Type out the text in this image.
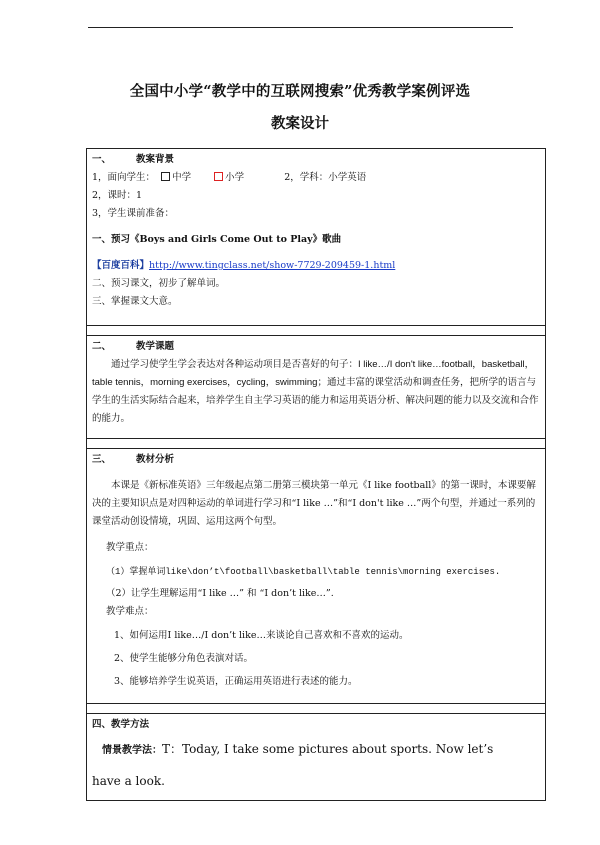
全国中小学“教学中的互联网搜索”优秀教学案例评选
教案设计
一、	教案背景
1，面向学生： 中学	小学	2，学科：小学英语
2，课时：1
3，学生课前准备：
一、预习《Boys and Girls Come Out to Play》歌曲
【百度百科】http://www.tingclass.net/show-7729-209459-1.html
二、预习课文，初步了解单词。
三、掌握课文大意。

二、	教学课题
通过学习使学生学会表达对各种运动项目是否喜好的句子：I like…/I don't like…football，basketball，table tennis，morning exercises，cycling，swimming；通过丰富的课堂活动和调查任务，把所学的语言与学生的生活实际结合起来，培养学生自主学习英语的能力和运用英语分析、解决问题的能力以及交流和合作的能力。

三、	教材分析
本课是《新标准英语》三年级起点第二册第三模块第一单元《I like football》的第一课时，本课要解决的主要知识点是对四种运动的单词进行学习和“I like …”和“I don't like …”两个句型，并通过一系列的课堂活动创设情境，巩固、运用这两个句型。
教学重点：
（1）掌握单词like\don’t\football\basketball\table tennis\morning exercises.
（2）让学生理解运用“I like …” 和 “I don’t like…”.
教学难点：
1、如何运用I like…/I don’t like…来谈论自己喜欢和不喜欢的运动。
2、使学生能够分角色表演对话。
3、能够培养学生说英语，正确运用英语进行表述的能力。

四、教学方法
情景教学法：T：Today, I take some pictures about sports. Now let’s
have a look.
